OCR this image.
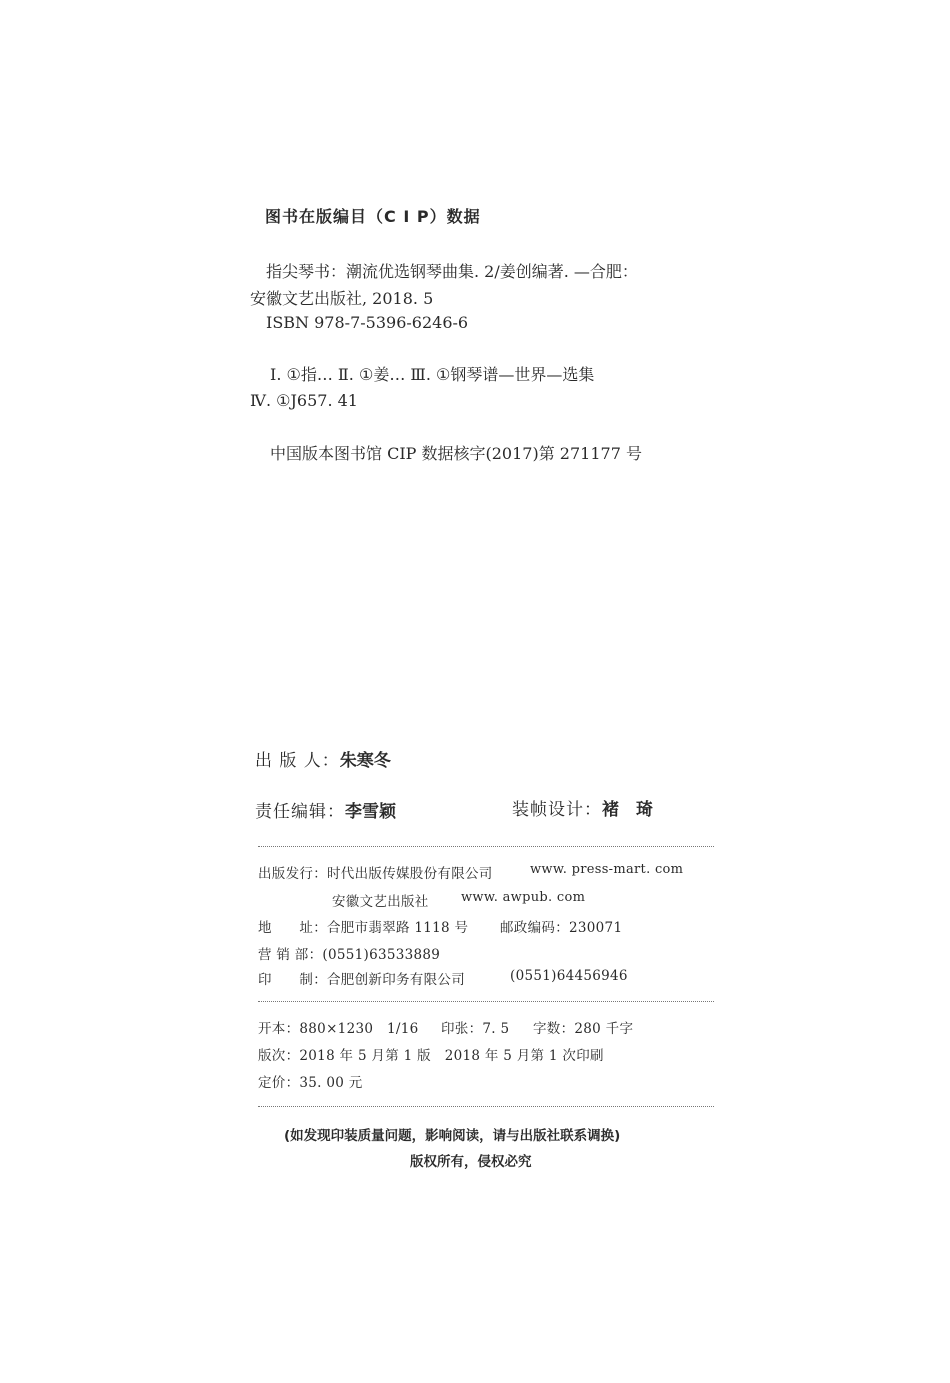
图书在版编目（C I P）数据
指尖琴书：潮流优选钢琴曲集. 2/姜创编著. —合肥：
安徽文艺出版社, 2018. 5
ISBN 978-7-5396-6246-6
Ⅰ. ①指… Ⅱ. ①姜… Ⅲ. ①钢琴谱—世界—选集
Ⅳ. ①J657. 41
中国版本图书馆 CIP 数据核字(2017)第 271177 号
出 版 人：朱寒冬
责任编辑：李雪颖	装帧设计：褚　琦
出版发行：时代出版传媒股份有限公司	www. press-mart. com
安徽文艺出版社 www. awpub. com
地　　址：合肥市翡翠路 1118 号 邮政编码：230071
营 销 部：(0551)63533889
印　　制：合肥创新印务有限公司	(0551)64456946
开本：880×1230　1/16 印张：7. 5 字数：280 千字
版次：2018 年 5 月第 1 版　2018 年 5 月第 1 次印刷
定价：35. 00 元
(如发现印装质量问题，影响阅读，请与出版社联系调换)
版权所有，侵权必究
